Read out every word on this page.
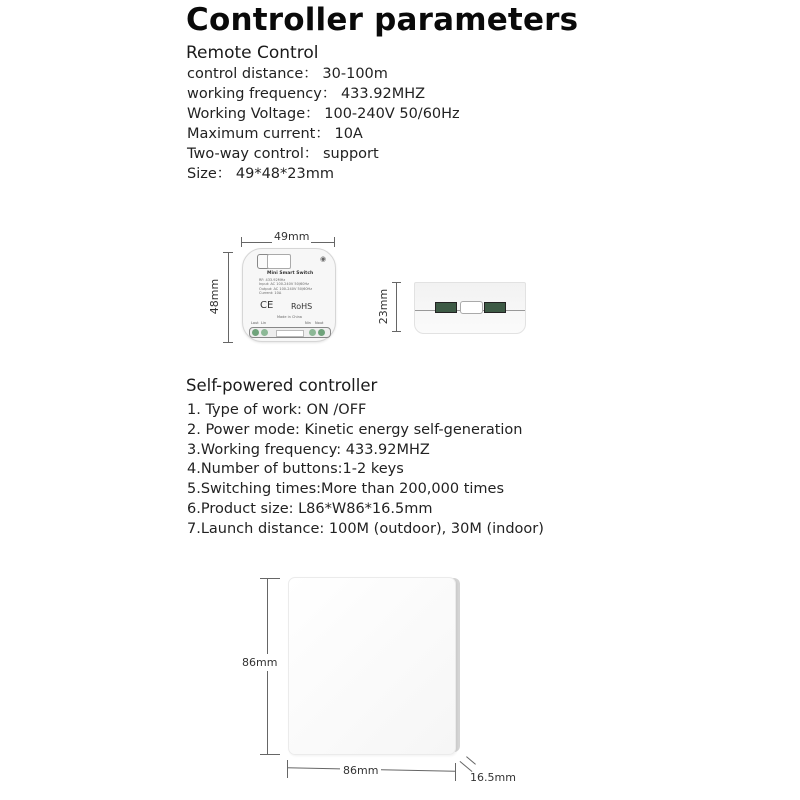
Controller parameters
Remote Control
control distance： 30-100m
working frequency： 433.92MHZ
Working Voltage： 100-240V 50/60Hz
Maximum current： 10A
Two-way control： support
Size： 49*48*23mm
49mm
48mm
◉
Mini Smart Switch
RF: 433.92MHz
Input: AC 100-240V 50/60Hz
Output: AC 100-240V 50/60Hz
Current: 10A
CE RoHS
Made in China
Lout Lin	Nin Nout	23mm
Self-powered controller
1. Type of work: ON /OFF
2. Power mode: Kinetic energy self-generation
3.Working frequency: 433.92MHZ
4.Number of buttons:1-2 keys
5.Switching times:More than 200,000 times
6.Product size: L86*W86*16.5mm
7.Launch distance: 100M (outdoor), 30M (indoor)
86mm
86mm
16.5mm
